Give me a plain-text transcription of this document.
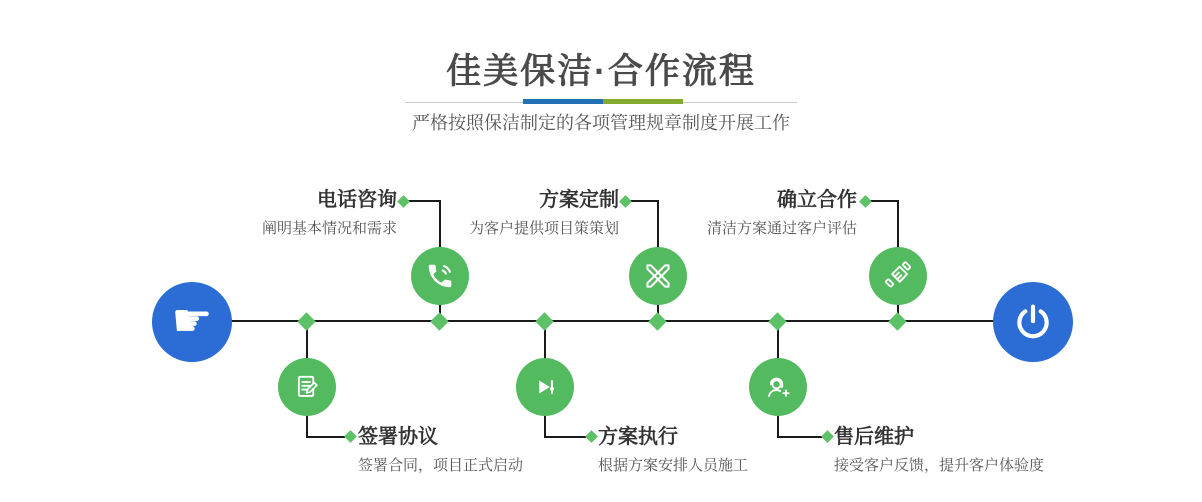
佳美保洁·合作流程
严格按照保洁制定的各项管理规章制度开展工作
☛
电话咨询
阐明基本情况和需求
方案定制
为客户提供项目策策划
确立合作
清洁方案通过客户评估
签署协议
签署合同，项目正式启动
方案执行
根据方案安排人员施工
售后维护
接受客户反馈，提升客户体验度
